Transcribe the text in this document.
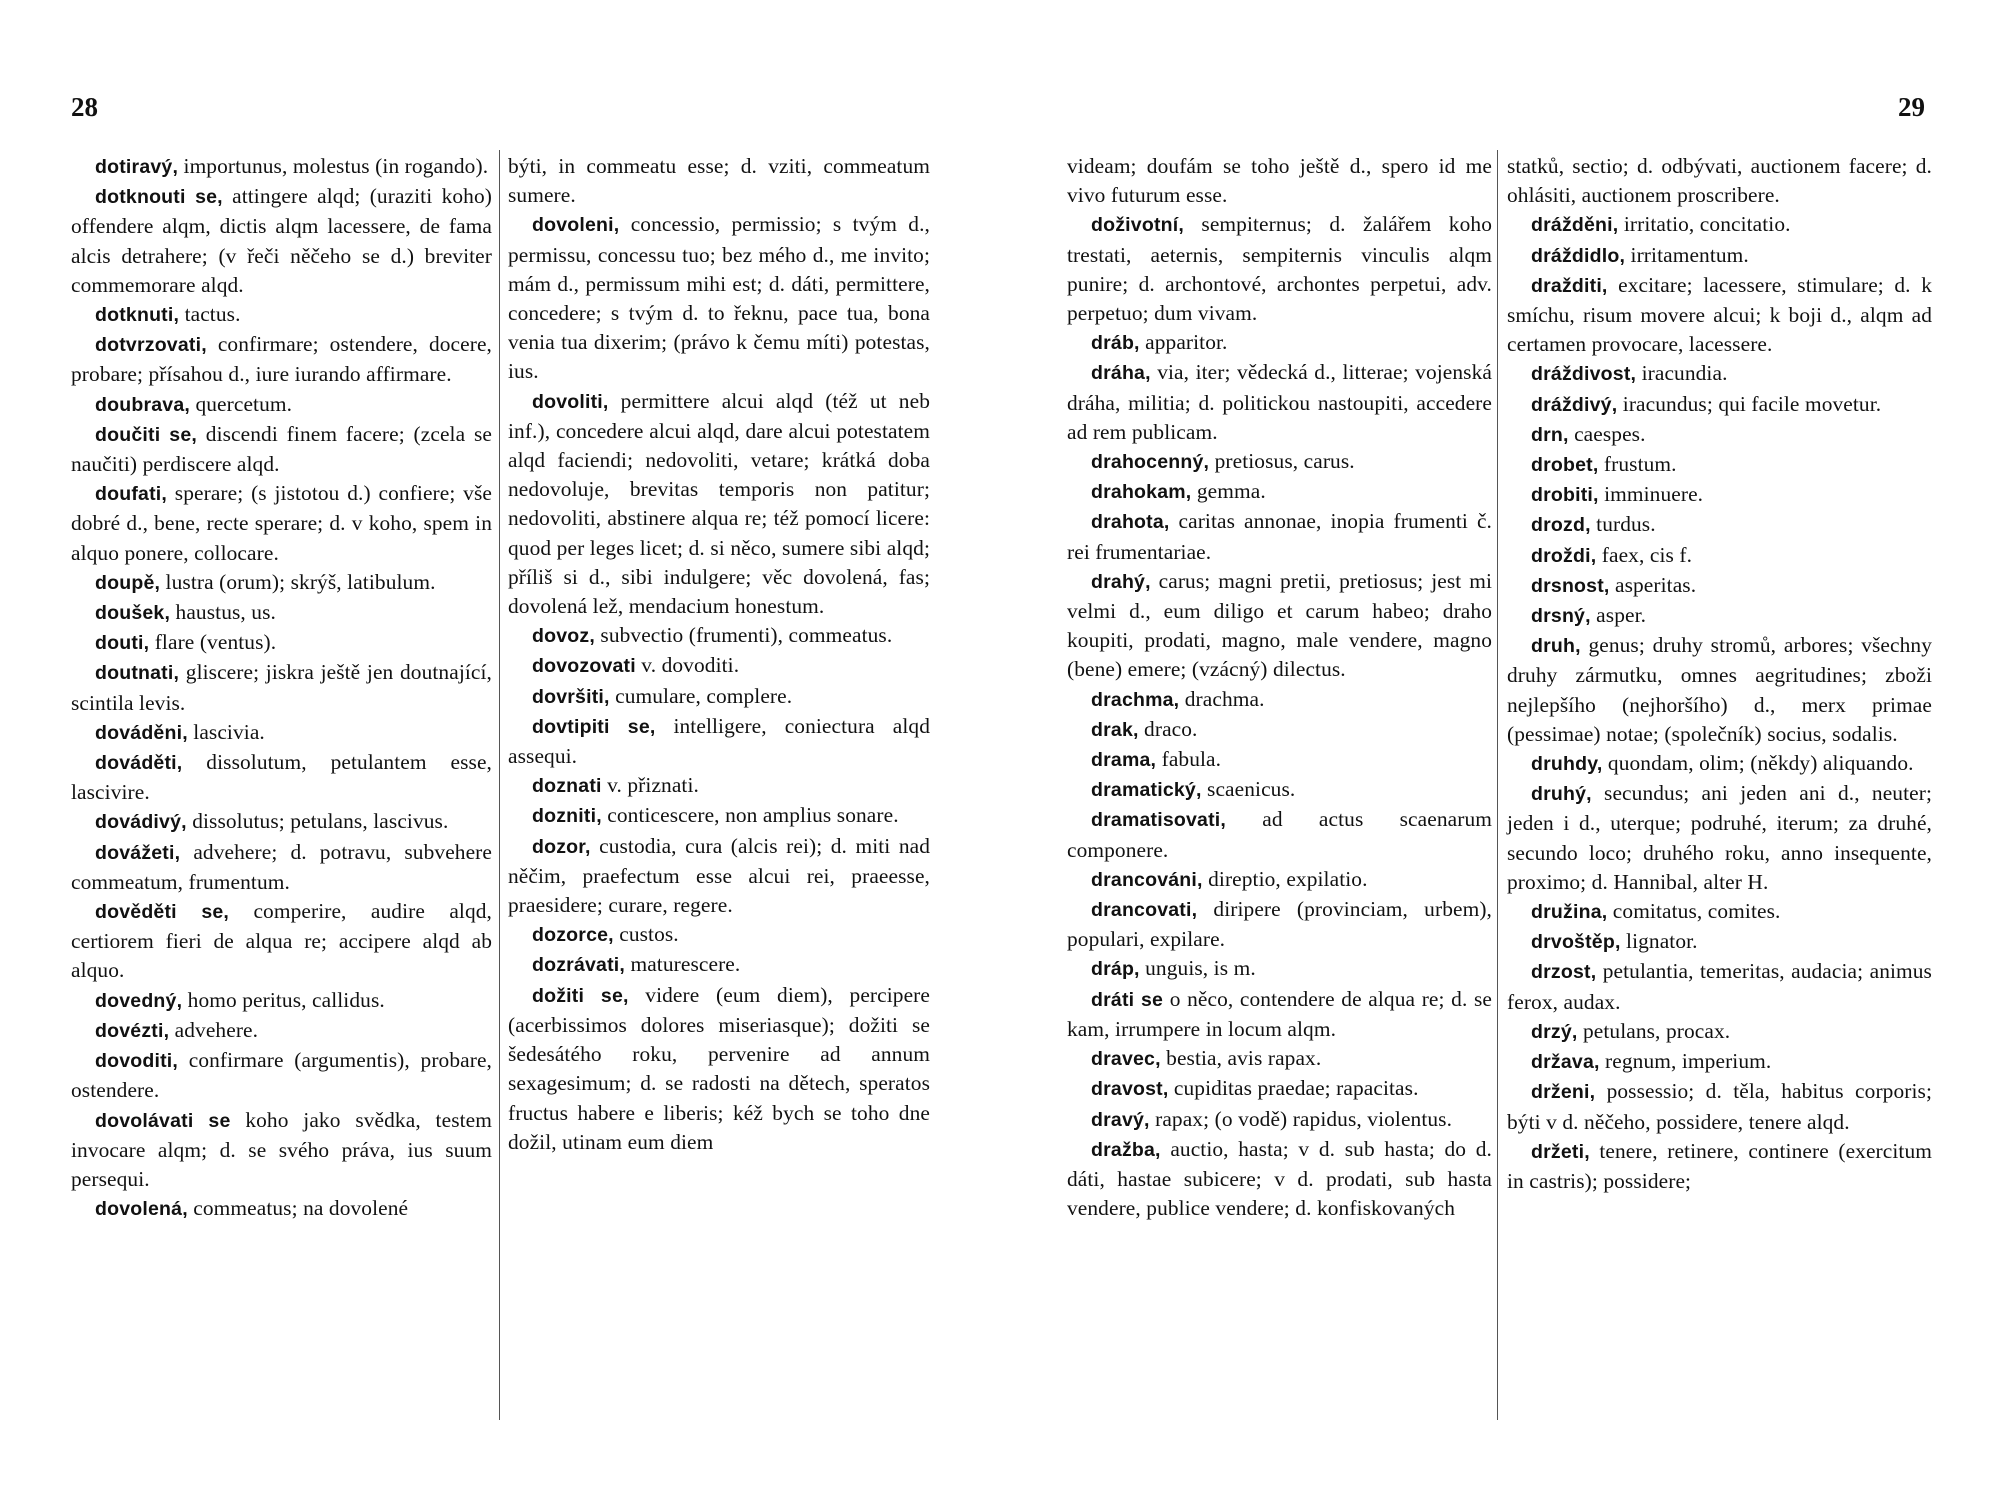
28	29

dotiravý, importunus, molestus (in rogando).

dotknouti se, attingere alqd; (uraziti koho) offendere alqm, dictis alqm lacessere, de fama alcis detrahere; (v řeči něčeho se d.) breviter commemorare alqd.

dotknuti, tactus.

dotvrzovati, confirmare; ostendere, docere, probare; přísahou d., iure iurando affirmare.

doubrava, quercetum.

doučiti se, discendi finem facere; (zcela se naučiti) perdiscere alqd.

doufati, sperare; (s jistotou d.) confiere; vše dobré d., bene, recte sperare; d. v koho, spem in alquo ponere, collocare.

doupě, lustra (orum); skrýš, latibulum.

doušek, haustus, us.

douti, flare (ventus).

doutnati, gliscere; jiskra ještě jen doutnající, scintila levis.

dováděni, lascivia.

dováděti, dissolutum, petulantem esse, lascivire.

dovádivý, dissolutus; petulans, lascivus.

dovážeti, advehere; d. potravu, subvehere commeatum, frumentum.

dověděti se, comperire, audire alqd, certiorem fieri de alqua re; accipere alqd ab alquo.

dovedný, homo peritus, callidus.

dovézti, advehere.

dovoditi, confirmare (argumentis), probare, ostendere.

dovolávati se koho jako svědka, testem invocare alqm; d. se svého práva, ius suum persequi.

dovolená, commeatus; na dovolené

býti, in commeatu esse; d. vziti, commeatum sumere.

dovoleni, concessio, permissio; s tvým d., permissu, concessu tuo; bez mého d., me invito; mám d., permissum mihi est; d. dáti, permittere, concedere; s tvým d. to řeknu, pace tua, bona venia tua dixerim; (právo k čemu míti) potestas, ius.

dovoliti, permittere alcui alqd (též ut neb inf.), concedere alcui alqd, dare alcui potestatem alqd faciendi; nedovoliti, vetare; krátká doba nedovoluje, brevitas temporis non patitur; nedovoliti, abstinere alqua re; též pomocí licere: quod per leges licet; d. si něco, sumere sibi alqd; příliš si d., sibi indulgere; věc dovolená, fas; dovolená lež, mendacium honestum.

dovoz, subvectio (frumenti), commeatus.

dovozovati v. dovoditi.

dovršiti, cumulare, complere.

dovtipiti se, intelligere, coniectura alqd assequi.

doznati v. přiznati.

dozniti, conticescere, non amplius sonare.

dozor, custodia, cura (alcis rei); d. miti nad něčim, praefectum esse alcui rei, praeesse, praesidere; curare, regere.

dozorce, custos.

dozrávati, maturescere.

dožiti se, videre (eum diem), percipere (acerbissimos dolores miseriasque); dožiti se šedesátého roku, pervenire ad annum sexagesimum; d. se radosti na dětech, speratos fructus habere e liberis; kéž bych se toho dne dožil, utinam eum diem

videam; doufám se toho ještě d., spero id me vivo futurum esse.

doživotní, sempiternus; d. žalářem koho trestati, aeternis, sempiternis vinculis alqm punire; d. archontové, archontes perpetui, adv. perpetuo; dum vivam.

dráb, apparitor.

dráha, via, iter; vědecká d., litterae; vojenská dráha, militia; d. politickou nastoupiti, accedere ad rem publicam.

drahocenný, pretiosus, carus.

drahokam, gemma.

drahota, caritas annonae, inopia frumenti č. rei frumentariae.

drahý, carus; magni pretii, pretiosus; jest mi velmi d., eum diligo et carum habeo; draho koupiti, prodati, magno, male vendere, magno (bene) emere; (vzácný) dilectus.

drachma, drachma.

drak, draco.

drama, fabula.

dramatický, scaenicus.

dramatisovati, ad actus scaenarum componere.

drancováni, direptio, expilatio.

drancovati, diripere (provinciam, urbem), populari, expilare.

dráp, unguis, is m.

dráti se o něco, contendere de alqua re; d. se kam, irrumpere in locum alqm.

dravec, bestia, avis rapax.

dravost, cupiditas praedae; rapacitas.

dravý, rapax; (o vodě) rapidus, violentus.

dražba, auctio, hasta; v d. sub hasta; do d. dáti, hastae subicere; v d. prodati, sub hasta vendere, publice vendere; d. konfiskovaných

statků, sectio; d. odbývati, auctionem facere; d. ohlásiti, auctionem proscribere.

drážděni, irritatio, concitatio.

dráždidlo, irritamentum.

dražditi, excitare; lacessere, stimulare; d. k smíchu, risum movere alcui; k boji d., alqm ad certamen provocare, lacessere.

dráždivost, iracundia.

dráždivý, iracundus; qui facile movetur.

drn, caespes.

drobet, frustum.

drobiti, imminuere.

drozd, turdus.

droždi, faex, cis f.

drsnost, asperitas.

drsný, asper.

druh, genus; druhy stromů, arbores; všechny druhy zármutku, omnes aegritudines; zboži nejlepšího (nejhoršího) d., merx primae (pessimae) notae; (společník) socius, sodalis.

druhdy, quondam, olim; (někdy) aliquando.

druhý, secundus; ani jeden ani d., neuter; jeden i d., uterque; podruhé, iterum; za druhé, secundo loco; druhého roku, anno insequente, proximo; d. Hannibal, alter H.

družina, comitatus, comites.

drvoštěp, lignator.

drzost, petulantia, temeritas, audacia; animus ferox, audax.

drzý, petulans, procax.

država, regnum, imperium.

drženi, possessio; d. těla, habitus corporis; býti v d. něčeho, possidere, tenere alqd.

držeti, tenere, retinere, continere (exercitum in castris); possidere;
